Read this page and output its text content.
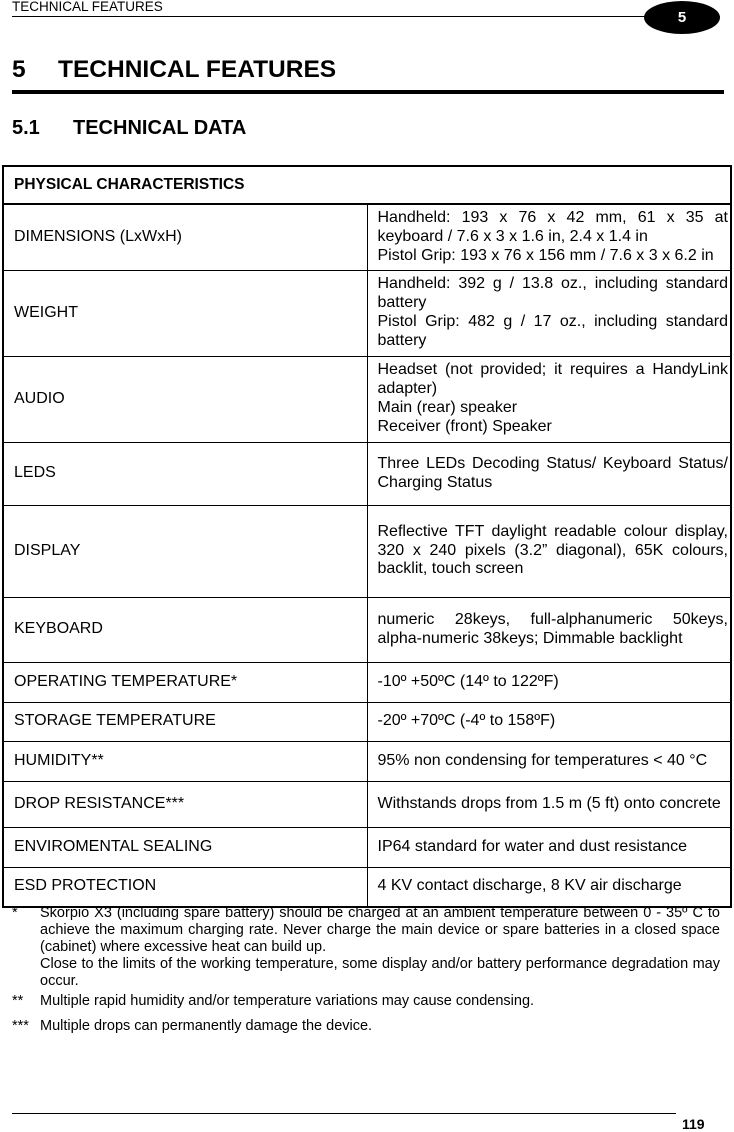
TECHNICAL FEATURES
5
5 TECHNICAL FEATURES
5.1 TECHNICAL DATA
PHYSICAL CHARACTERISTICS	
DIMENSIONS (LxWxH)	Handheld: 193 x 76 x 42 mm, 61 x 35 at
keyboard / 7.6 x 3 x 1.6 in, 2.4 x 1.4 in
Pistol Grip: 193 x 76 x 156 mm / 7.6 x 3 x 6.2 in

WEIGHT	Handheld: 392 g / 13.8 oz., including standard battery
Pistol Grip: 482 g / 17 oz., including standard battery

AUDIO	Headset (not provided; it requires a HandyLink adapter)
Main (rear) speaker
Receiver (front) Speaker

LEDS	Three LEDs Decoding Status/ Keyboard Status/ Charging Status

DISPLAY	Reflective TFT daylight readable colour display, 320 x 240 pixels (3.2” diagonal), 65K colours, backlit, touch screen

KEYBOARD	numeric 28keys, full-alphanumeric 50keys, alpha-numeric 38keys; Dimmable backlight

OPERATING TEMPERATURE*	-10º +50ºC (14º to 122ºF)

STORAGE TEMPERATURE	-20º +70ºC (-4º to 158ºF)

HUMIDITY**	95% non condensing for temperatures < 40 °C

DROP RESISTANCE***	Withstands drops from 1.5 m (5 ft) onto concrete

ENVIROMENTAL SEALING	IP64 standard for water and dust resistance

ESD PROTECTION	4 KV contact discharge, 8 KV air discharge
* Skorpio X3 (including spare battery) should be charged at an ambient temperature between 0 - 35º C to achieve the maximum charging rate. Never charge the main device or spare batteries in a closed space (cabinet) where excessive heat can build up.

Close to the limits of the working temperature, some display and/or battery performance degradation may occur.

** Multiple rapid humidity and/or temperature variations may cause condensing.

*** Multiple drops can permanently damage the device.

119
